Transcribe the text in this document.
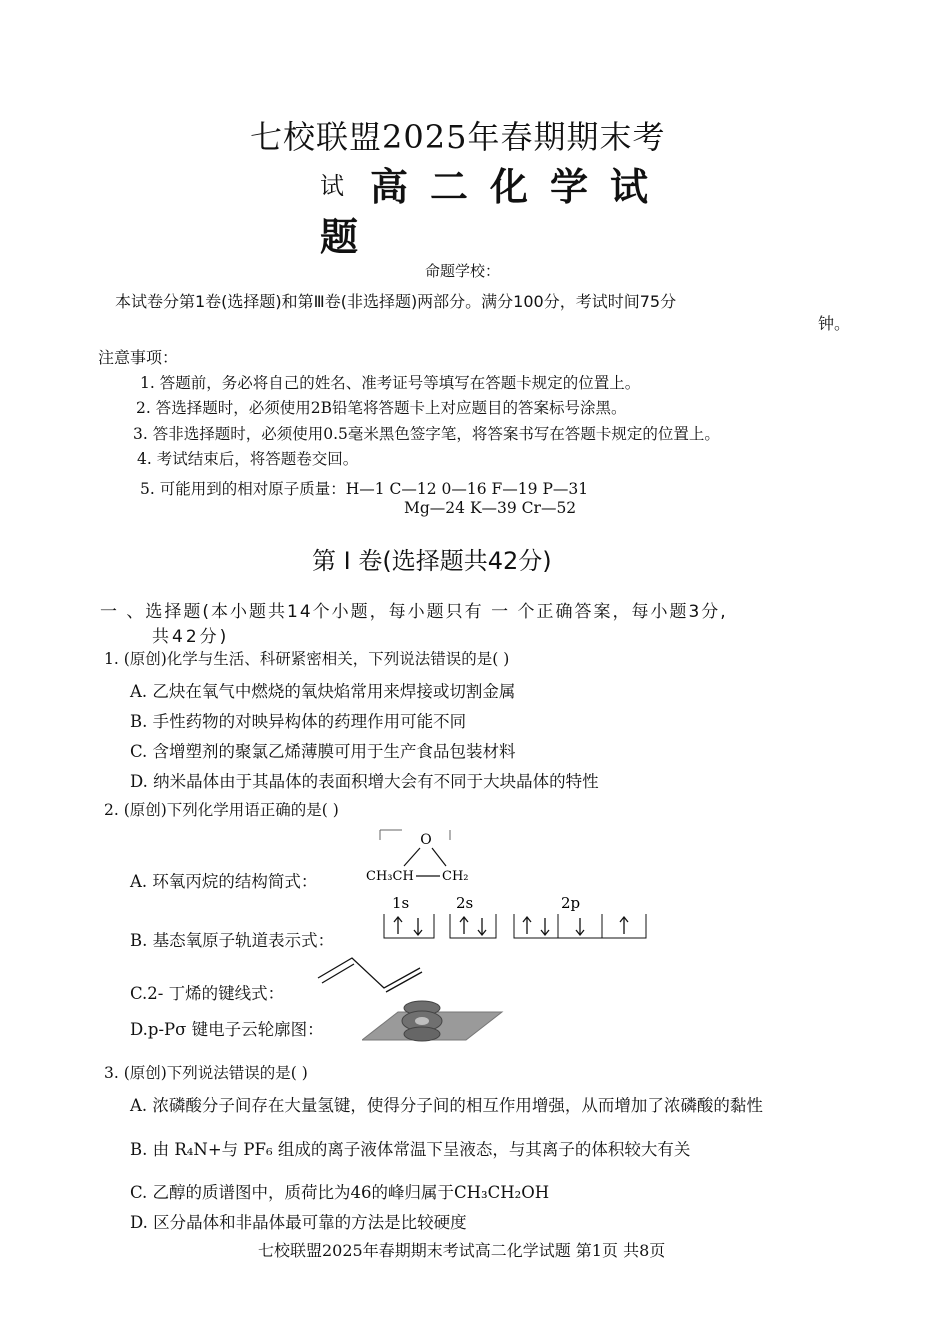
七校联盟2025年春期期末考
试 高二化学试
题
命题学校：
本试卷分第1卷(选择题)和第Ⅲ卷(非选择题)两部分。满分100分，考试时间75分
钟。
注意事项：
1. 答题前，务必将自己的姓名、准考证号等填写在答题卡规定的位置上。
2. 答选择题时，必须使用2B铅笔将答题卡上对应题目的答案标号涂黑。
3. 答非选择题时，必须使用0.5毫米黑色签字笔，将答案书写在答题卡规定的位置上。
4. 考试结束后，将答题卷交回。
5. 可能用到的相对原子质量：H—1 C—12 0—16 F—19 P—31
Mg—24 K—39 Cr—52
第 I 卷(选择题共42分)
一 、选择题(本小题共14个小题，每小题只有 一 个正确答案，每小题3分,
共42分)
1. (原创)化学与生活、科研紧密相关，下列说法错误的是( )
A. 乙炔在氧气中燃烧的氧炔焰常用来焊接或切割金属
B. 手性药物的对映异构体的药理作用可能不同
C. 含增塑剂的聚氯乙烯薄膜可用于生产食品包装材料
D. 纳米晶体由于其晶体的表面积增大会有不同于大块晶体的特性
2. (原创)下列化学用语正确的是( )
A. 环氧丙烷的结构简式：
O
CH₃CH CH₂
B. 基态氧原子轨道表示式：
1s	2s	2p
C.2- 丁烯的键线式：
D.p-Pσ 键电子云轮廓图：
3. (原创)下列说法错误的是( )
A. 浓磷酸分子间存在大量氢键，使得分子间的相互作用增强，从而增加了浓磷酸的黏性
B. 由 R₄N+与 PF₆ 组成的离子液体常温下呈液态，与其离子的体积较大有关
C. 乙醇的质谱图中，质荷比为46的峰归属于CH₃CH₂OH
D. 区分晶体和非晶体最可靠的方法是比较硬度
七校联盟2025年春期期末考试高二化学试题 第1页 共8页
